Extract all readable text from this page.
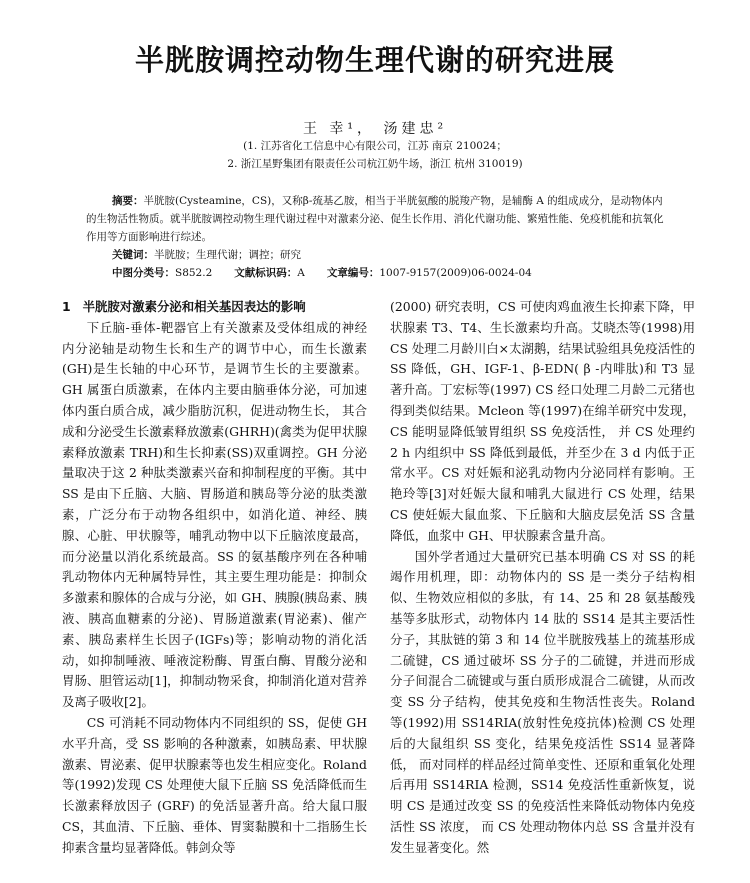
半胱胺调控动物生理代谢的研究进展
王 幸¹， 汤建忠²
(1. 江苏省化工信息中心有限公司，江苏 南京 210024；
2. 浙江星野集团有限责任公司杭江奶牛场，浙江 杭州 310019)

摘要：半胱胺(Cysteamine，CS)，又称β-巯基乙胺，相当于半胱氨酸的脱羧产物，是辅酶 A 的组成成分，是动物体内的生物活性物质。就半胱胺调控动物生理代谢过程中对激素分泌、促生长作用、消化代谢功能、繁殖性能、免疫机能和抗氧化作用等方面影响进行综述。

关键词：半胱胺；生理代谢；调控；研究

中图分类号：S852.2 文献标识码：A 文章编号：1007-9157(2009)06-0024-04

1 半胱胺对激素分泌和相关基因表达的影响

下丘脑-垂体-靶器官上有关激素及受体组成的神经内分泌轴是动物生长和生产的调节中心，而生长激素(GH)是生长轴的中心环节，是调节生长的主要激素。GH 属蛋白质激素，在体内主要由脑垂体分泌，可加速体内蛋白质合成，减少脂肪沉积，促进动物生长， 其合成和分泌受生长激素释放激素(GHRH)(禽类为促甲状腺素释放激素 TRH)和生长抑素(SS)双重调控。GH 分泌量取决于这 2 种肽类激素兴奋和抑制程度的平衡。其中 SS 是由下丘脑、大脑、胃肠道和胰岛等分泌的肽类激素，广泛分布于动物各组织中，如消化道、神经、胰腺、心脏、甲状腺等，哺乳动物中以下丘脑浓度最高，而分泌量以消化系统最高。SS 的氨基酸序列在各种哺乳动物体内无种属特异性，其主要生理功能是：抑制众多激素和腺体的合成与分泌，如 GH、胰腺(胰岛素、胰液、胰高血糖素的分泌)、胃肠道激素(胃泌素)、催产素、胰岛素样生长因子(IGFs)等；影响动物的消化活动，如抑制唾液、唾液淀粉酶、胃蛋白酶、胃酸分泌和胃肠、胆管运动[1]，抑制动物采食，抑制消化道对营养及离子吸收[2]。

CS 可消耗不同动物体内不同组织的 SS，促使 GH 水平升高，受 SS 影响的各种激素，如胰岛素、甲状腺激素、胃泌素、促甲状腺素等也发生相应变化。Roland 等(1992)发现 CS 处理使大鼠下丘脑 SS 免活降低而生长激素释放因子 (GRF) 的免活显著升高。给大鼠口服 CS，其血清、下丘脑、垂体、胃窦黏膜和十二指肠生长抑素含量均显著降低。韩剑众等

(2000) 研究表明，CS 可使肉鸡血液生长抑素下降，甲状腺素 T3、T4、生长激素均升高。艾晓杰等(1998)用 CS 处理二月龄川白×太湖鹅，结果试验组具免疫活性的 SS 降低，GH、IGF-1、β-EDN( β -内啡肽)和 T3 显著升高。丁宏标等(1997) CS 经口处理二月龄二元猪也得到类似结果。Mcleon 等(1997)在绵羊研究中发现，CS 能明显降低皱胃组织 SS 免疫活性， 并 CS 处理约 2 h 内组织中 SS 降低到最低，并至少在 3 d 内低于正常水平。CS 对妊娠和泌乳动物内分泌同样有影响。王艳玲等[3]对妊娠大鼠和哺乳大鼠进行 CS 处理，结果 CS 使妊娠大鼠血浆、下丘脑和大脑皮层免活 SS 含量降低，血浆中 GH、甲状腺素含量升高。

国外学者通过大量研究已基本明确 CS 对 SS 的耗竭作用机理，即：动物体内的 SS 是一类分子结构相似、生物效应相似的多肽，有 14、25 和 28 氨基酸残基等多肽形式，动物体内 14 肽的 SS14 是其主要活性分子，其肽链的第 3 和 14 位半胱胺残基上的巯基形成二硫键，CS 通过破坏 SS 分子的二硫键，并进而形成分子间混合二硫键或与蛋白质形成混合二硫键，从而改变 SS 分子结构，使其免疫和生物活性丧失。Roland 等(1992)用 SS14RIA(放射性免疫抗体)检测 CS 处理后的大鼠组织 SS 变化，结果免疫活性 SS14 显著降低， 而对同样的样品经过简单变性、还原和重氧化处理后再用 SS14RIA 检测，SS14 免疫活性重新恢复，说明 CS 是通过改变 SS 的免疫活性来降低动物体内免疫活性 SS 浓度， 而 CS 处理动物体内总 SS 含量并没有发生显著变化。然
